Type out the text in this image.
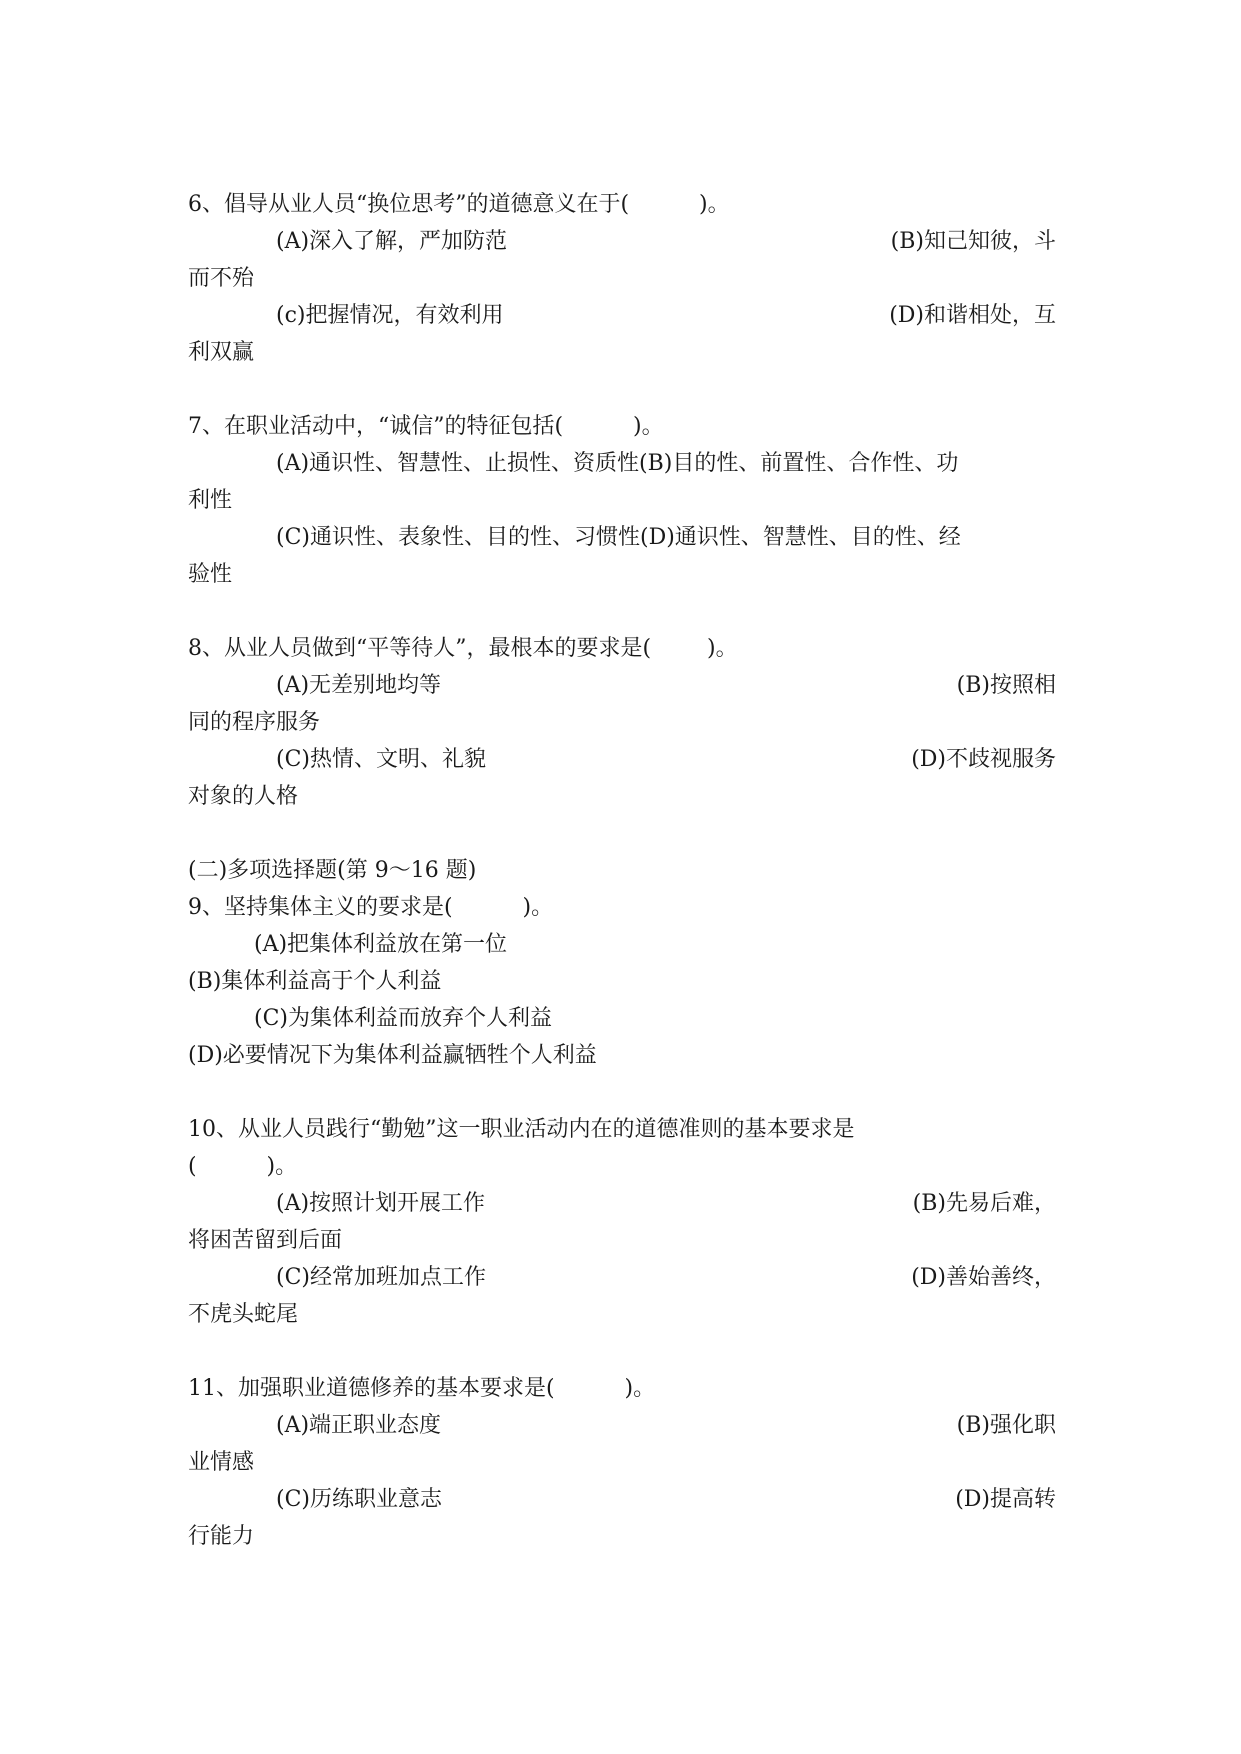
6、倡导从业人员“换位思考”的道德意义在于(          )。
(A)深入了解，严加防范	(B)知己知彼，斗
而不殆
(c)把握情况，有效利用	(D)和谐相处，互
利双赢
7、在职业活动中，“诚信”的特征包括(          )。
(A)通识性、智慧性、止损性、资质性(B)目的性、前置性、合作性、功
利性
(C)通识性、表象性、目的性、习惯性(D)通识性、智慧性、目的性、经
验性
8、从业人员做到“平等待人”，最根本的要求是(        )。
(A)无差别地均等	(B)按照相
同的程序服务
(C)热情、文明、礼貌	(D)不歧视服务
对象的人格
(二)多项选择题(第 9～16 题)
9、坚持集体主义的要求是(          )。
(A)把集体利益放在第一位
(B)集体利益高于个人利益
(C)为集体利益而放弃个人利益
(D)必要情况下为集体利益赢牺牲个人利益
10、从业人员践行“勤勉”这一职业活动内在的道德准则的基本要求是
(          )。
(A)按照计划开展工作	(B)先易后难，
将困苦留到后面
(C)经常加班加点工作	(D)善始善终，
不虎头蛇尾
11、加强职业道德修养的基本要求是(          )。
(A)端正职业态度	(B)强化职
业情感
(C)历练职业意志	(D)提高转
行能力
